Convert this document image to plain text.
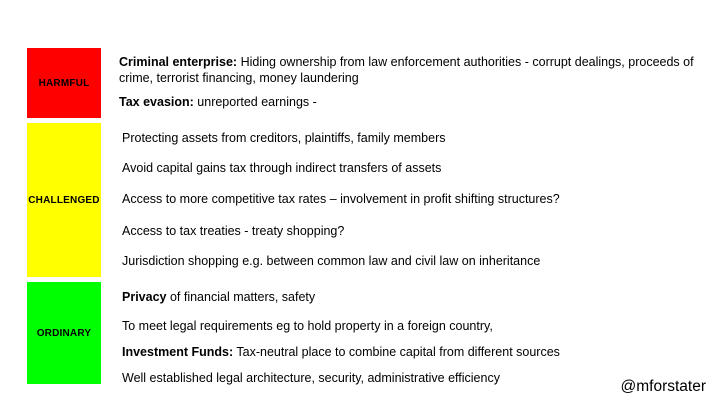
HARMFUL
CHALLENGED
ORDINARY
Criminal enterprise: Hiding ownership from law enforcement authorities - corrupt dealings, proceeds of crime, terrorist financing, money laundering
Tax evasion: unreported earnings -
Protecting assets from creditors, plaintiffs, family members
Avoid capital gains tax through indirect transfers of assets
Access to more competitive tax rates – involvement in profit shifting structures?
Access to tax treaties - treaty shopping?
Jurisdiction shopping e.g. between common law and civil law on inheritance
Privacy of financial matters, safety
To meet legal requirements eg to hold property in a foreign country,
Investment Funds: Tax-neutral place to combine capital from different sources
Well established legal architecture, security, administrative efficiency	@mforstater
